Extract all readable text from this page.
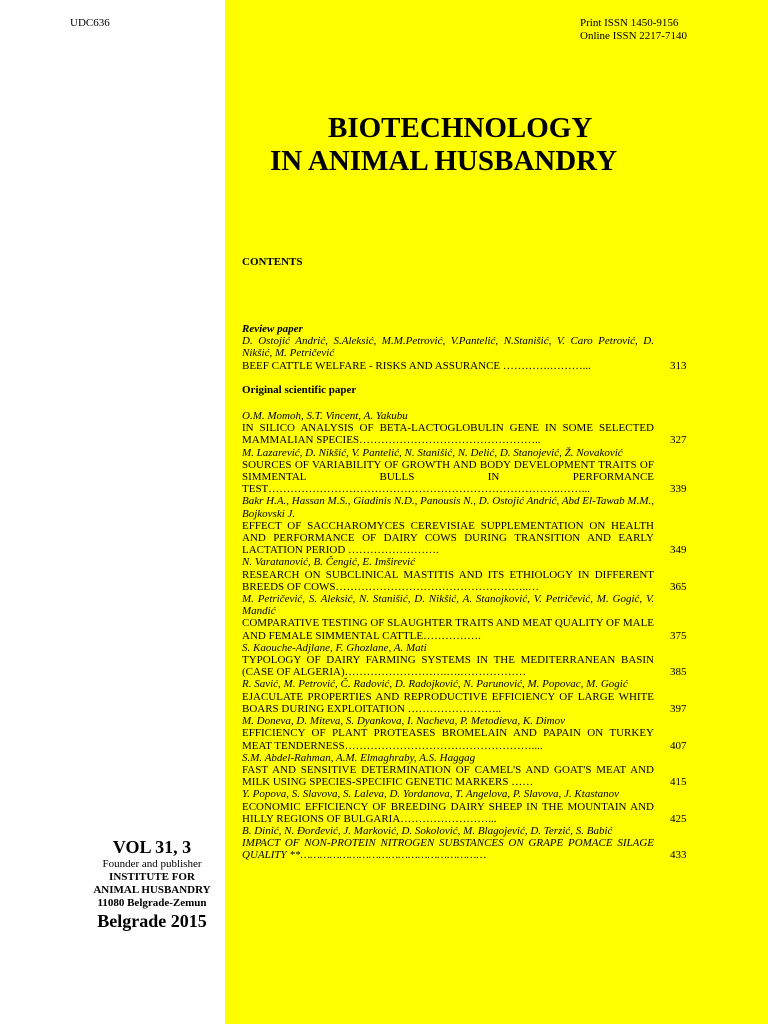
UDC636	Print ISSN 1450-9156
Online ISSN 2217-7140
BIOTECHNOLOGY
IN ANIMAL HUSBANDRY
CONTENTS
Review paper
D. Ostojić Andrić, S.Aleksić, M.M.Petrović, V.Pantelić, N.Stanišić, V. Caro Petrović, D. Nikšić, M. Petričević
BEEF CATTLE WELFARE - RISKS AND ASSURANCE ………….………...	313
Original scientific paper
O.M. Momoh, S.T. Vincent, A. Yakubu
IN SILICO ANALYSIS OF BETA-LACTOGLOBULIN GENE IN SOME SELECTED MAMMALIAN SPECIES…………………………………………..	327
M. Lazarević, D. Nikšić, V. Pantelić, N. Stanišić, N. Delić, D. Stanojević, Ž. Novaković
SOURCES OF VARIABILITY OF GROWTH AND BODY DEVELOPMENT TRAITS OF SIMMENTAL BULLS IN PERFORMANCE TEST……………………………………………………………………..……...	339
Bakr H.A., Hassan M.S., Giadinis N.D., Panousis N., D. Ostojić Andrić, Abd El-Tawab M.M., Bojkovski J.
EFFECT OF SACCHAROMYCES CEREVISIAE SUPPLEMENTATION ON HEALTH AND PERFORMANCE OF DAIRY COWS DURING TRANSITION AND EARLY LACTATION PERIOD …………………….	349
N. Varatanović, B. Čengić, E. Imširević
RESEARCH ON SUBCLINICAL MASTITIS AND ITS ETHIOLOGY IN DIFFERENT BREEDS OF COWS……………………………………………..…	365
M. Petričević, S. Aleksić, N. Stanišić, D. Nikšić, A. Stanojković, V. Petričević, M. Gogić, V. Mandić
COMPARATIVE TESTING OF SLAUGHTER TRAITS AND MEAT QUALITY OF MALE AND FEMALE SIMMENTAL CATTLE…………….	375
S. Kaouche-Adjlane, F. Ghozlane, A. Mati
TYPOLOGY OF DAIRY FARMING SYSTEMS IN THE MEDITERRANEAN BASIN (CASE OF ALGERIA)……………………….….………………	385
R. Savić, M. Petrović, Č. Radović, D. Radojković, N. Parunović, M. Popovac, M. Gogić
EJACULATE PROPERTIES AND REPRODUCTIVE EFFICIENCY OF LARGE WHITE BOARS DURING EXPLOITATION ……………………..	397
M. Doneva, D. Miteva, S. Dyankova, I. Nacheva, P. Metodieva, K. Dimov
EFFICIENCY OF PLANT PROTEASES BROMELAIN AND PAPAIN ON TURKEY MEAT TENDERNESS……………………………………………....	407
S.M. Abdel-Rahman, A.M. Elmaghraby, A.S. Haggag
FAST AND SENSITIVE DETERMINATION OF CAMEL'S AND GOAT'S MEAT AND MILK USING SPECIES-SPECIFIC GENETIC MARKERS ……	415
Y. Popova, S. Slavova, S. Laleva, D. Yordanova, T. Angelova, P. Slavova, J. Ktastanov
ECONOMIC EFFICIENCY OF BREEDING DAIRY SHEEP IN THE MOUNTAIN AND HILLY REGIONS OF BULGARIA……………………...	425
B. Dinić, N. Đorđević, J. Marković, D. Sokolović, M. Blagojević, D. Terzić, S. Babić
IMPACT OF NON-PROTEIN NITROGEN SUBSTANCES ON GRAPE POMACE SILAGE QUALITY **…………………………………………………	433
VOL 31, 3
Founder and publisher
INSTITUTE FOR
ANIMAL HUSBANDRY
11080 Belgrade-Zemun
Belgrade 2015
